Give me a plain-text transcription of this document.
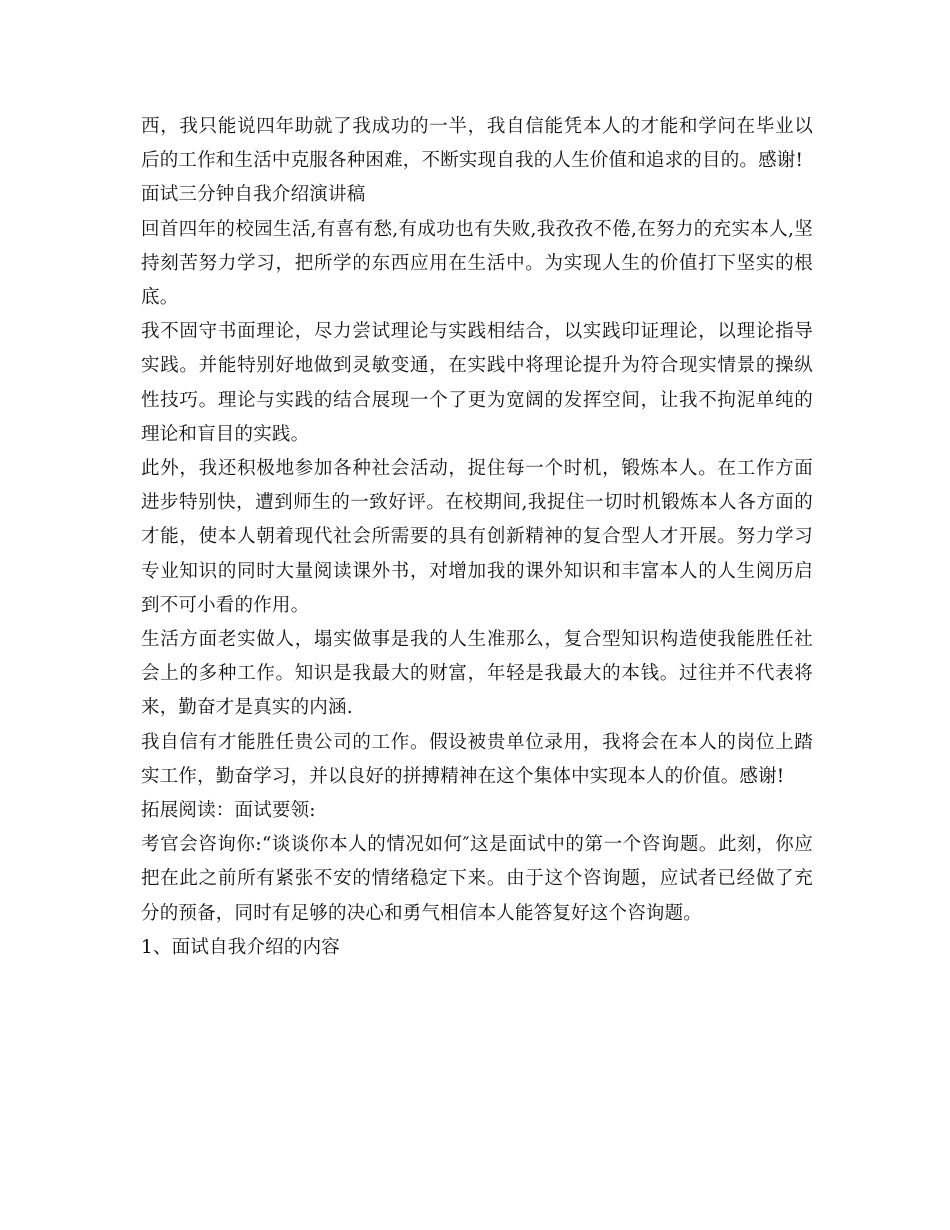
西，我只能说四年助就了我成功的一半，我自信能凭本人的才能和学问在毕业以后的工作和生活中克服各种困难，不断实现自我的人生价值和追求的目的。感谢!

面试三分钟自我介绍演讲稿

回首四年的校园生活,有喜有愁,有成功也有失败,我孜孜不倦,在努力的充实本人,坚持刻苦努力学习，把所学的东西应用在生活中。为实现人生的价值打下坚实的根底。

我不固守书面理论，尽力尝试理论与实践相结合，以实践印证理论，以理论指导实践。并能特别好地做到灵敏变通，在实践中将理论提升为符合现实情景的操纵性技巧。理论与实践的结合展现一个了更为宽阔的发挥空间，让我不拘泥单纯的理论和盲目的实践。

此外，我还积极地参加各种社会活动，捉住每一个时机，锻炼本人。在工作方面进步特别快，遭到师生的一致好评。在校期间,我捉住一切时机锻炼本人各方面的才能，使本人朝着现代社会所需要的具有创新精神的复合型人才开展。努力学习专业知识的同时大量阅读课外书，对增加我的课外知识和丰富本人的人生阅历启到不可小看的作用。

生活方面老实做人，塌实做事是我的人生准那么，复合型知识构造使我能胜任社会上的多种工作。知识是我最大的财富，年轻是我最大的本钱。过往并不代表将来，勤奋才是真实的内涵.

我自信有才能胜任贵公司的工作。假设被贵单位录用，我将会在本人的岗位上踏实工作，勤奋学习，并以良好的拼搏精神在这个集体中实现本人的价值。感谢!

拓展阅读：面试要领:

考官会咨询你:“谈谈你本人的情况如何″这是面试中的第一个咨询题。此刻，你应把在此之前所有紧张不安的情绪稳定下来。由于这个咨询题，应试者已经做了充分的预备，同时有足够的决心和勇气相信本人能答复好这个咨询题。

1、面试自我介绍的内容
